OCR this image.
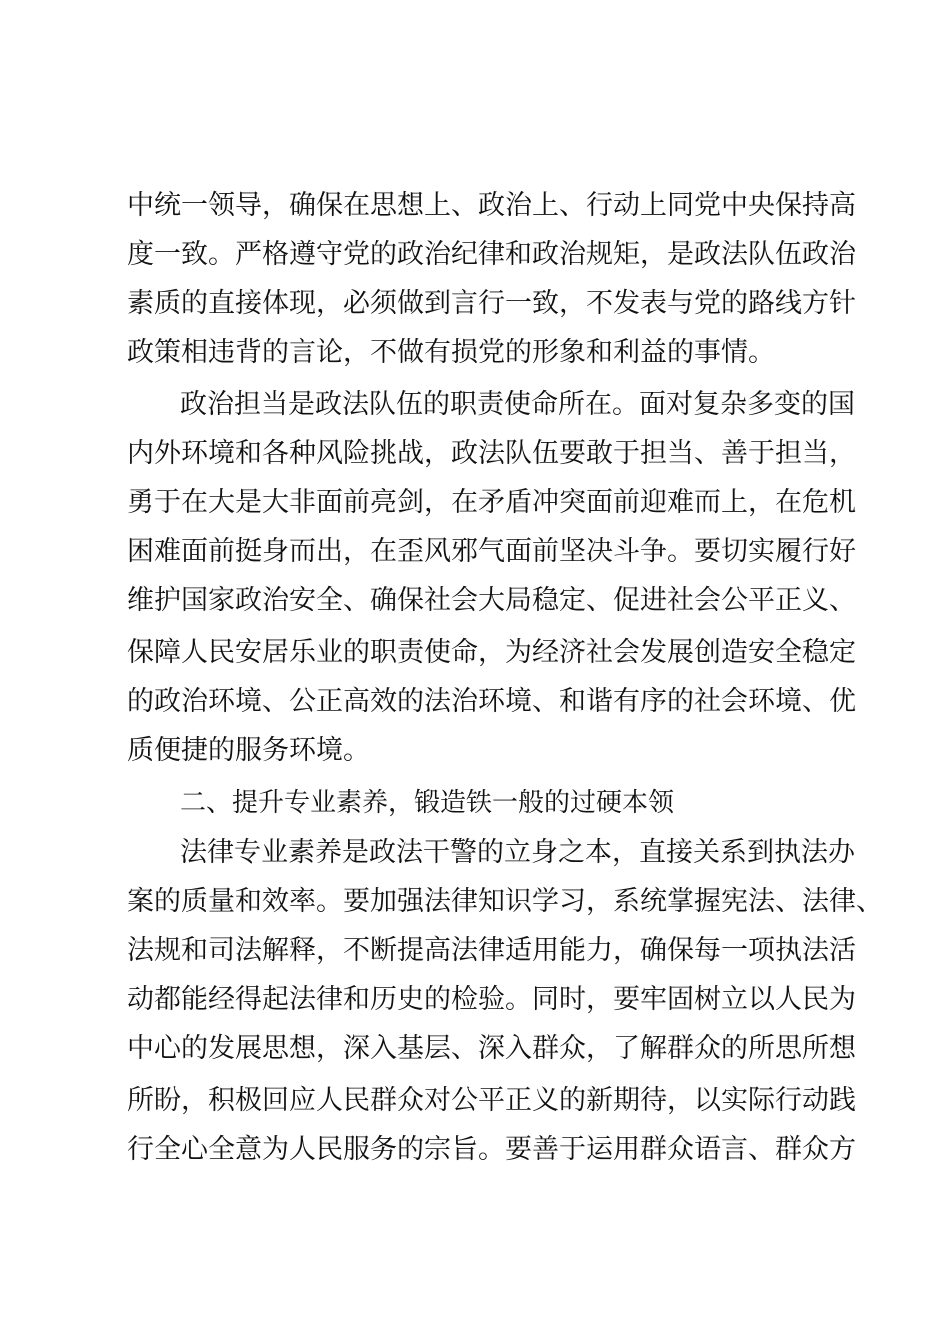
中统一领导，确保在思想上、政治上、行动上同党中央保持高
度一致。严格遵守党的政治纪律和政治规矩，是政法队伍政治
素质的直接体现，必须做到言行一致，不发表与党的路线方针
政策相违背的言论，不做有损党的形象和利益的事情。
政治担当是政法队伍的职责使命所在。面对复杂多变的国
内外环境和各种风险挑战，政法队伍要敢于担当、善于担当，
勇于在大是大非面前亮剑，在矛盾冲突面前迎难而上，在危机
困难面前挺身而出，在歪风邪气面前坚决斗争。要切实履行好
维护国家政治安全、确保社会大局稳定、促进社会公平正义、
保障人民安居乐业的职责使命，为经济社会发展创造安全稳定
的政治环境、公正高效的法治环境、和谐有序的社会环境、优
质便捷的服务环境。
二、提升专业素养，锻造铁一般的过硬本领
法律专业素养是政法干警的立身之本，直接关系到执法办
案的质量和效率。要加强法律知识学习，系统掌握宪法、法律、
法规和司法解释，不断提高法律适用能力，确保每一项执法活
动都能经得起法律和历史的检验。同时，要牢固树立以人民为
中心的发展思想，深入基层、深入群众，了解群众的所思所想
所盼，积极回应人民群众对公平正义的新期待，以实际行动践
行全心全意为人民服务的宗旨。要善于运用群众语言、群众方
